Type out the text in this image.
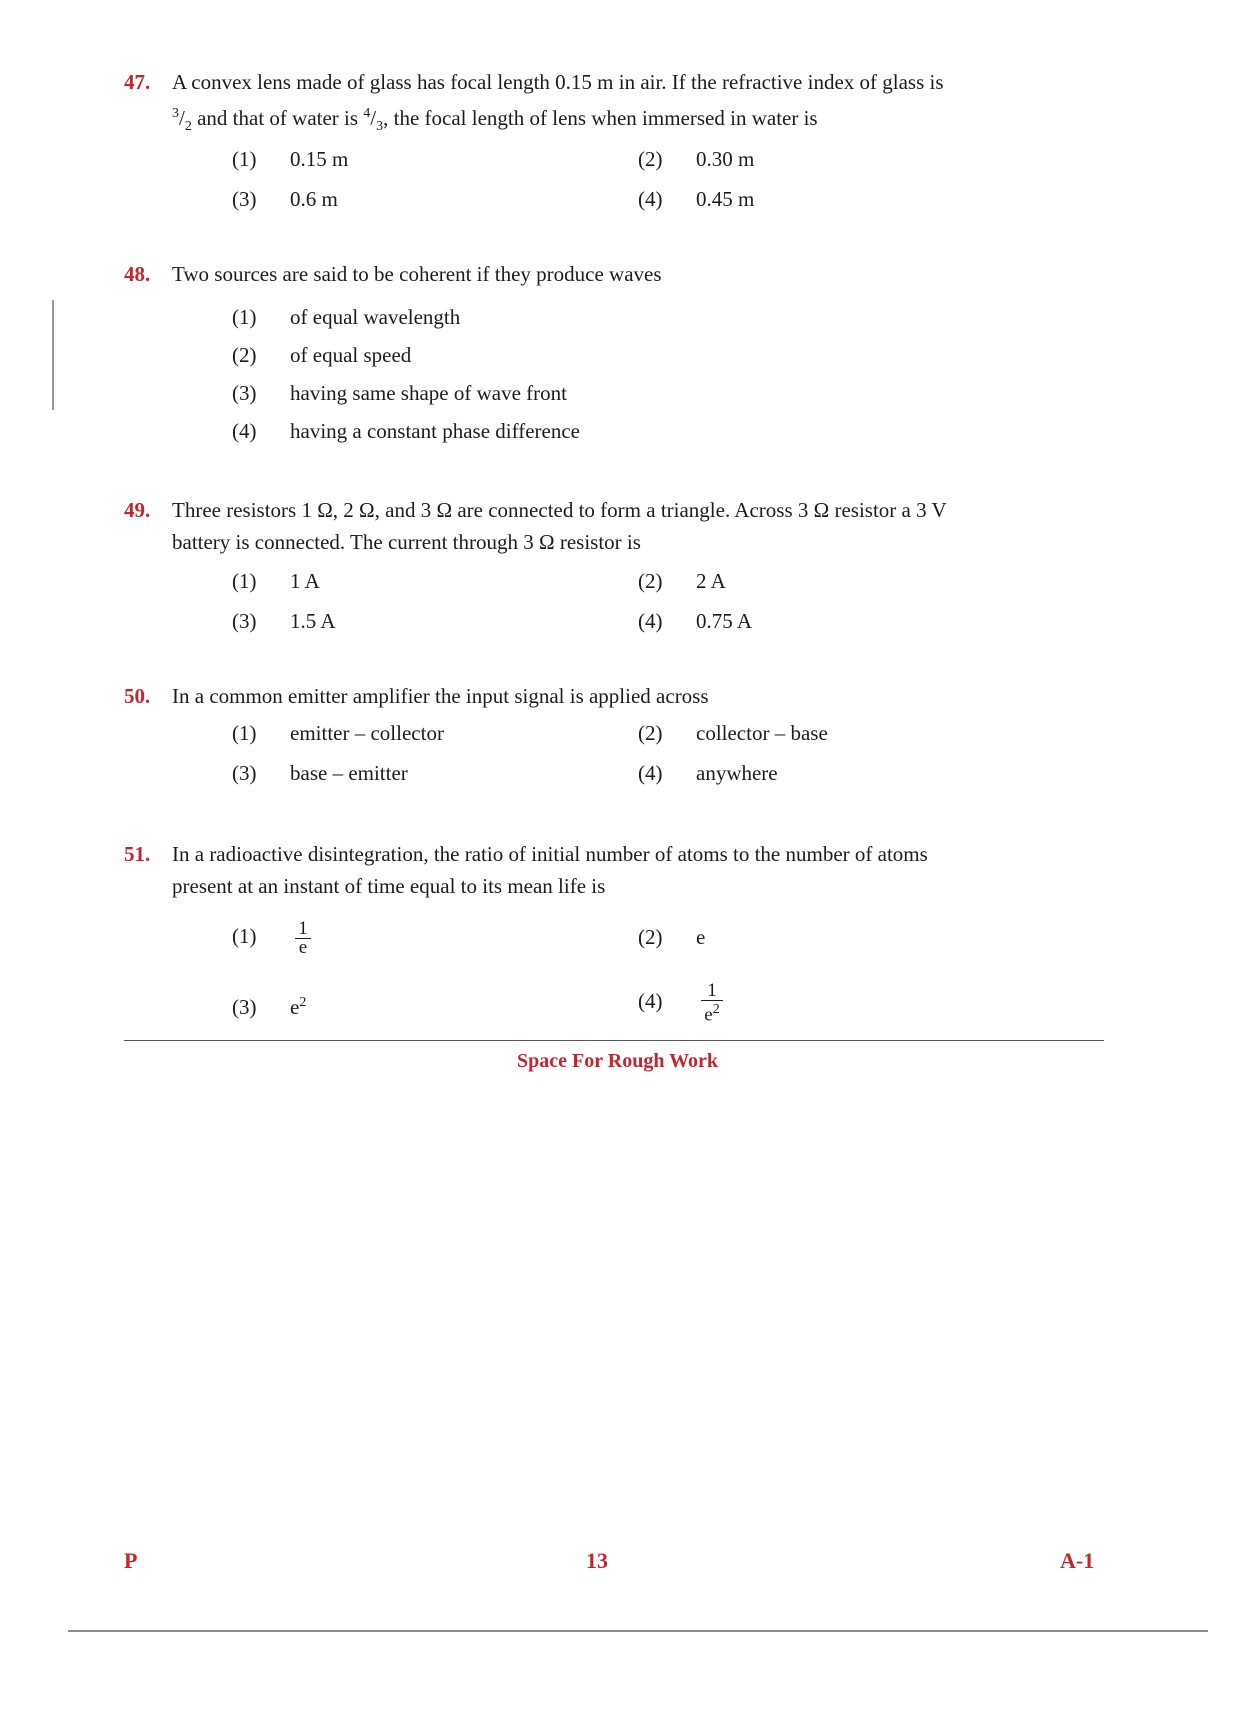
47. A convex lens made of glass has focal length 0.15 m in air. If the refractive index of glass is
$^3/_2$ and that of water is $^4/_3$, the focal length of lens when immersed in water is
(1) 0.15 m	(2) 0.30 m
(3) 0.6 m	(4) 0.45 m
48. Two sources are said to be coherent if they produce waves
(1) of equal wavelength
(2) of equal speed
(3) having same shape of wave front
(4) having a constant phase difference
49. Three resistors 1 Ω, 2 Ω, and 3 Ω are connected to form a triangle. Across 3 Ω resistor a 3 V
battery is connected. The current through 3 Ω resistor is
(1) 1 A	(2) 2 A
(3) 1.5 A	(4) 0.75 A
50. In a common emitter amplifier the input signal is applied across
(1) emitter – collector	(2) collector – base
(3) base – emitter	(4) anywhere
51. In a radioactive disintegration, the ratio of initial number of atoms to the number of atoms
present at an instant of time equal to its mean life is
$(1) \frac{1}{e}$	(2) e
(3) $e^2$	$(4) \frac{1}{e^2}$
Space For Rough Work
P	13	A-1
